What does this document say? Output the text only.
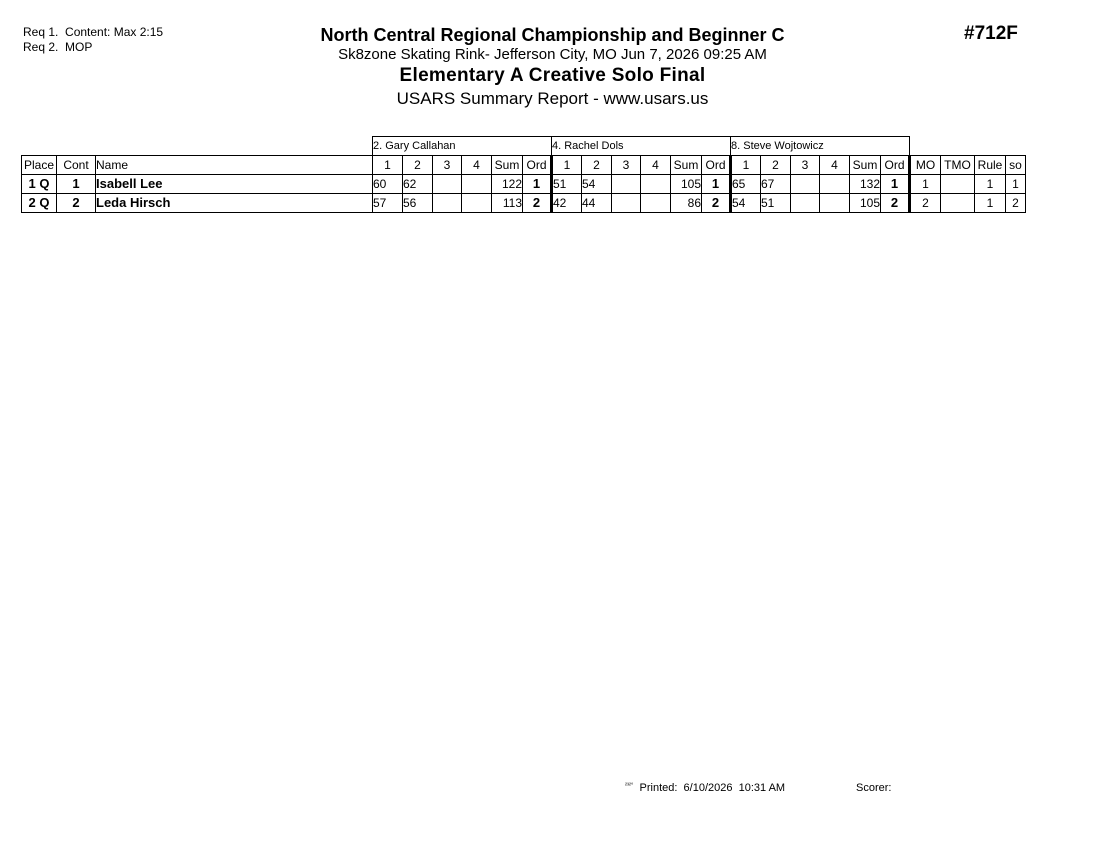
Req 1.  Content: Max 2:15
Req 2.  MOP
North Central Regional Championship and Beginner C
Sk8zone Skating Rink- Jefferson City, MO Jun 7, 2026 09:25 AM
Elementary A Creative Solo Final
USARS Summary Report - www.usars.us
#712F
			2. Gary Callahan						4. Rachel Dols						8. Steve Wojtowicz									
Place	Cont	Name	1	2	3	4	Sum	Ord	1	2	3	4	Sum	Ord	1	2	3	4	Sum	Ord	MO	TMO	Rule	so
1 Q	1	Isabell Lee	60	62			122	1	51	54			105	1	65	67			132	1	1		1	1
2 Q	2	Leda Hirsch	57	56			113	2	42	44			86	2	54	51			105	2	2		1	2
$^{^{232}^\circ}$ Printed:  6/10/2026  10:31 AM	Scorer:
